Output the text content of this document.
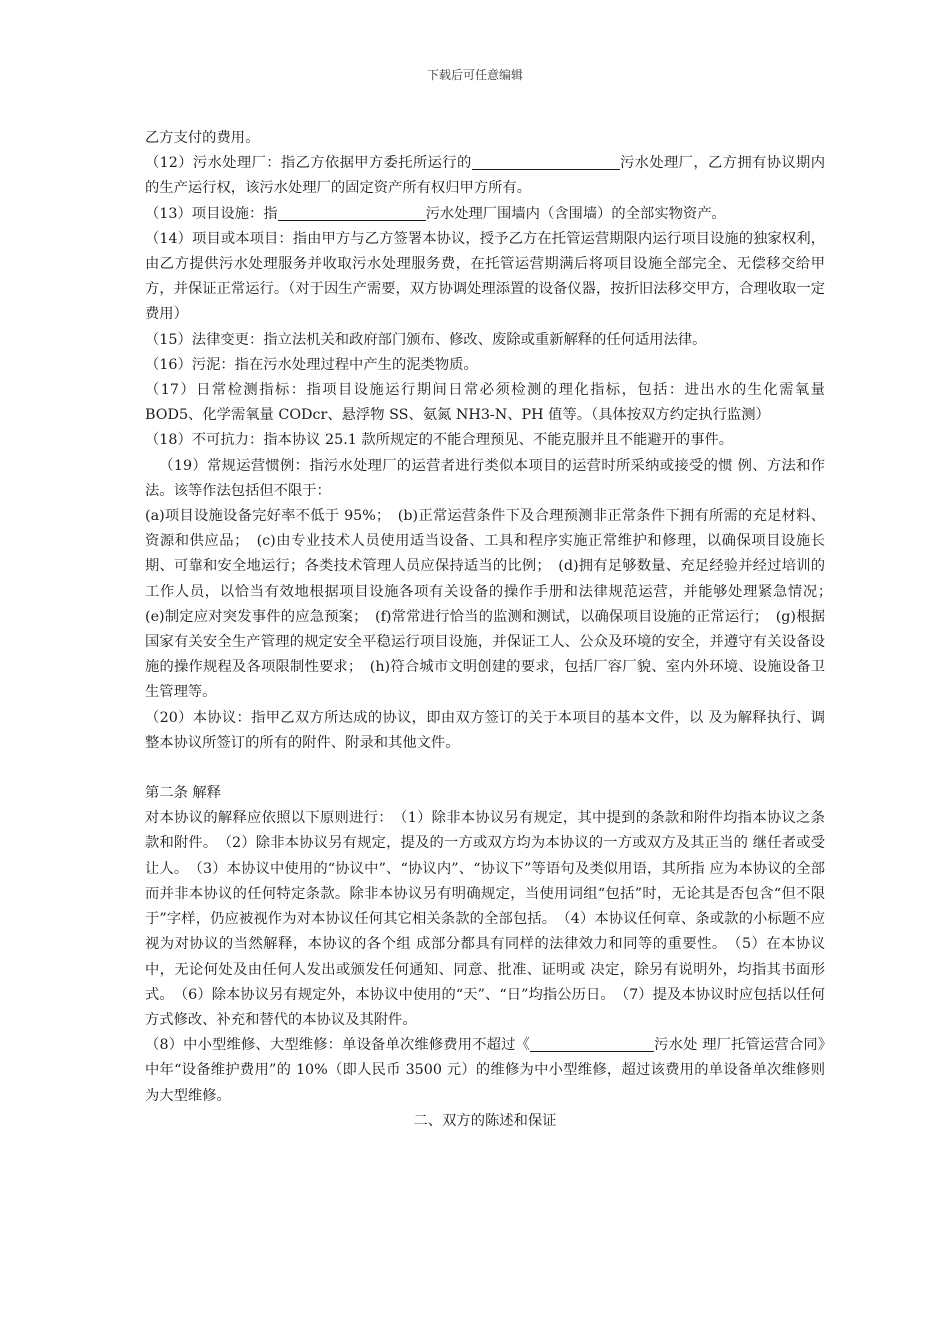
下载后可任意编辑

乙方支付的费用。

（12）污水处理厂：指乙方依据甲方委托所运行的	污水处理厂，乙方拥有协议期内的生产运行权，该污水处理厂的固定资产所有权归甲方所有。

（13）项目设施：指	污水处理厂围墙内（含围墙）的全部实物资产。

（14）项目或本项目：指由甲方与乙方签署本协议，授予乙方在托管运营期限内运行项目设施的独家权利，由乙方提供污水处理服务并收取污水处理服务费，在托管运营期满后将项目设施全部完全、无偿移交给甲方，并保证正常运行。（对于因生产需要，双方协调处理添置的设备仪器，按折旧法移交甲方，合理收取一定费用）

（15）法律变更：指立法机关和政府部门颁布、修改、废除或重新解释的任何适用法律。

（16）污泥：指在污水处理过程中产生的泥类物质。

（17）日常检测指标：指项目设施运行期间日常必须检测的理化指标，包括：进出水的生化需氧量 BOD5、化学需氧量 CODcr、悬浮物 SS、氨氮 NH3-N、PH 值等。（具体按双方约定执行监测）

（18）不可抗力：指本协议 25.1 款所规定的不能合理预见、不能克服并且不能避开的事件。

（19）常规运营惯例：指污水处理厂的运营者进行类似本项目的运营时所采纳或接受的惯 例、方法和作法。该等作法包括但不限于：

(a)项目设施设备完好率不低于 95%；　(b)正常运营条件下及合理预测非正常条件下拥有所需的充足材料、资源和供应品；　(c)由专业技术人员使用适当设备、工具和程序实施正常维护和修理，以确保项目设施长期、可靠和安全地运行；各类技术管理人员应保持适当的比例；　(d)拥有足够数量、充足经验并经过培训的工作人员，以恰当有效地根据项目设施各项有关设备的操作手册和法律规范运营，并能够处理紧急情况；　(e)制定应对突发事件的应急预案；　(f)常常进行恰当的监测和测试，以确保项目设施的正常运行；　(g)根据国家有关安全生产管理的规定安全平稳运行项目设施，并保证工人、公众及环境的安全，并遵守有关设备设施的操作规程及各项限制性要求；　(h)符合城市文明创建的要求，包括厂容厂貌、室内外环境、设施设备卫生管理等。

（20）本协议：指甲乙双方所达成的协议，即由双方签订的关于本项目的基本文件，以 及为解释执行、调整本协议所签订的所有的附件、附录和其他文件。

第二条 解释

对本协议的解释应依照以下原则进行：　（1）除非本协议另有规定，其中提到的条款和附件均指本协议之条款和附件。　（2）除非本协议另有规定，提及的一方或双方均为本协议的一方或双方及其正当的 继任者或受让人。　（3）本协议中使用的“协议中”、“协议内”、“协议下”等语句及类似用语，其所指 应为本协议的全部而并非本协议的任何特定条款。除非本协议另有明确规定，当使用词组“包括”时，无论其是否包含“但不限于”字样，仍应被视作为对本协议任何其它相关条款的全部包括。　（4）本协议任何章、条或款的小标题不应视为对协议的当然解释，本协议的各个组 成部分都具有同样的法律效力和同等的重要性。　（5）在本协议中，无论何处及由任何人发出或颁发任何通知、同意、批准、证明或 决定，除另有说明外，均指其书面形式。　（6）除本协议另有规定外，本协议中使用的“天”、“日”均指公历日。　（7）提及本协议时应包括以任何方式修改、补充和替代的本协议及其附件。

（8）中小型维修、大型维修：单设备单次维修费用不超过《	污水处 理厂托管运营合同》中年“设备维护费用”的 10%（即人民币 3500 元）的维修为中小型维修，超过该费用的单设备单次维修则为大型维修。

二、双方的陈述和保证
